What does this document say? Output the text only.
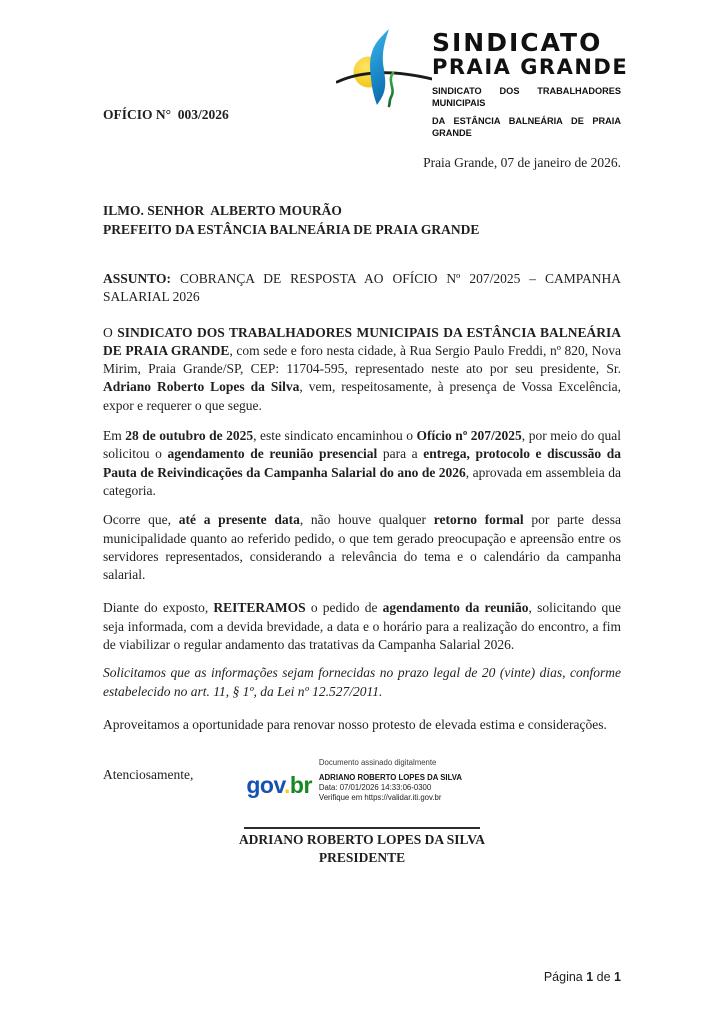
OFÍCIO N°  003/2026
SINDICATO
PRAIA GRANDE
SINDICATO DOS TRABALHADORES MUNICIPAIS
DA ESTÂNCIA BALNEÁRIA DE PRAIA GRANDE
Praia Grande, 07 de janeiro de 2026.
ILMO. SENHOR  ALBERTO MOURÃO
PREFEITO DA ESTÂNCIA BALNEÁRIA DE PRAIA GRANDE
ASSUNTO: COBRANÇA DE RESPOSTA AO OFÍCIO Nº 207/2025 – CAMPANHA SALARIAL 2026
O SINDICATO DOS TRABALHADORES MUNICIPAIS DA ESTÂNCIA BALNEÁRIA DE PRAIA GRANDE, com sede e foro nesta cidade, à Rua Sergio Paulo Freddi, nº 820, Nova Mirim, Praia Grande/SP, CEP: 11704-595, representado neste ato por seu presidente, Sr. Adriano Roberto Lopes da Silva, vem, respeitosamente, à presença de Vossa Excelência, expor e requerer o que segue.
Em 28 de outubro de 2025, este sindicato encaminhou o Ofício nº 207/2025, por meio do qual solicitou o agendamento de reunião presencial para a entrega, protocolo e discussão da Pauta de Reivindicações da Campanha Salarial do ano de 2026, aprovada em assembleia da categoria.
Ocorre que, até a presente data, não houve qualquer retorno formal por parte dessa municipalidade quanto ao referido pedido, o que tem gerado preocupação e apreensão entre os servidores representados, considerando a relevância do tema e o calendário da campanha salarial.
Diante do exposto, REITERAMOS o pedido de agendamento da reunião, solicitando que seja informada, com a devida brevidade, a data e o horário para a realização do encontro, a fim de viabilizar o regular andamento das tratativas da Campanha Salarial 2026.
Solicitamos que as informações sejam fornecidas no prazo legal de 20 (vinte) dias, conforme estabelecido no art. 11, § 1º, da Lei nº 12.527/2011.
Aproveitamos a oportunidade para renovar nosso protesto de elevada estima e considerações.
Atenciosamente, gov.br
Documento assinado digitalmente
ADRIANO ROBERTO LOPES DA SILVA
Data: 07/01/2026 14:33:06-0300
Verifique em https://validar.iti.gov.br
ADRIANO ROBERTO LOPES DA SILVA
PRESIDENTE
Página 1 de 1
